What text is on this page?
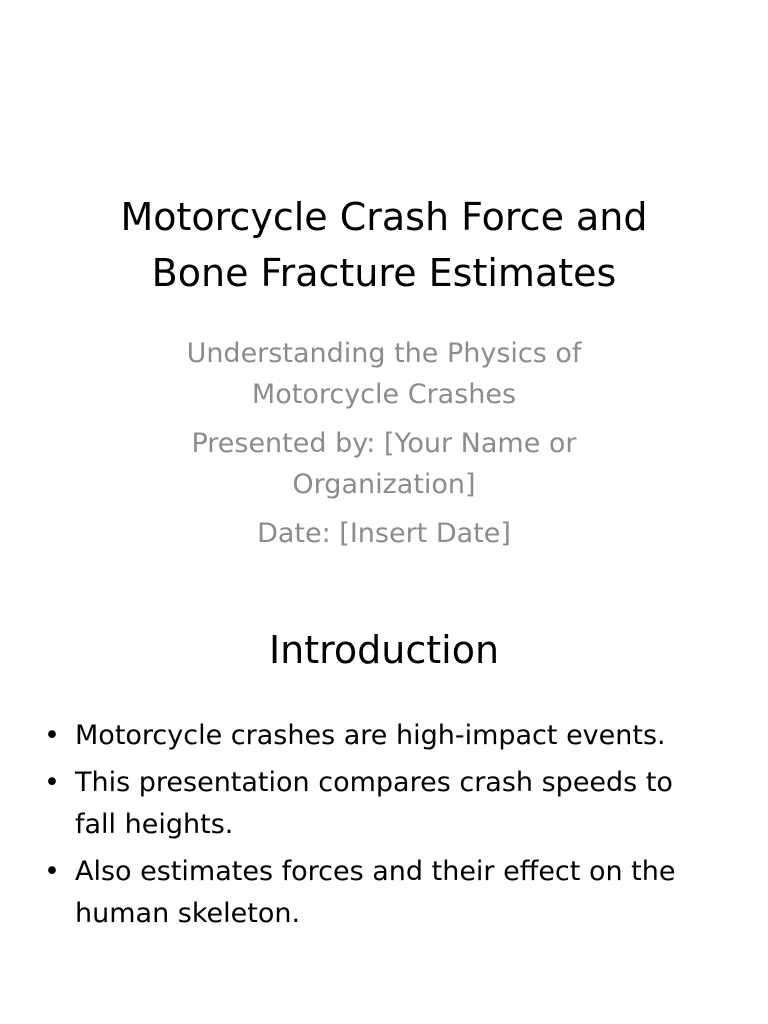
Motorcycle Crash Force and
Bone Fracture Estimates

Understanding the Physics of Motorcycle Crashes

Presented by: [Your Name or Organization]

Date: [Insert Date]

Introduction
• Motorcycle crashes are high-impact events.
• This presentation compares crash speeds to fall heights.
• Also estimates forces and their effect on the human skeleton.
